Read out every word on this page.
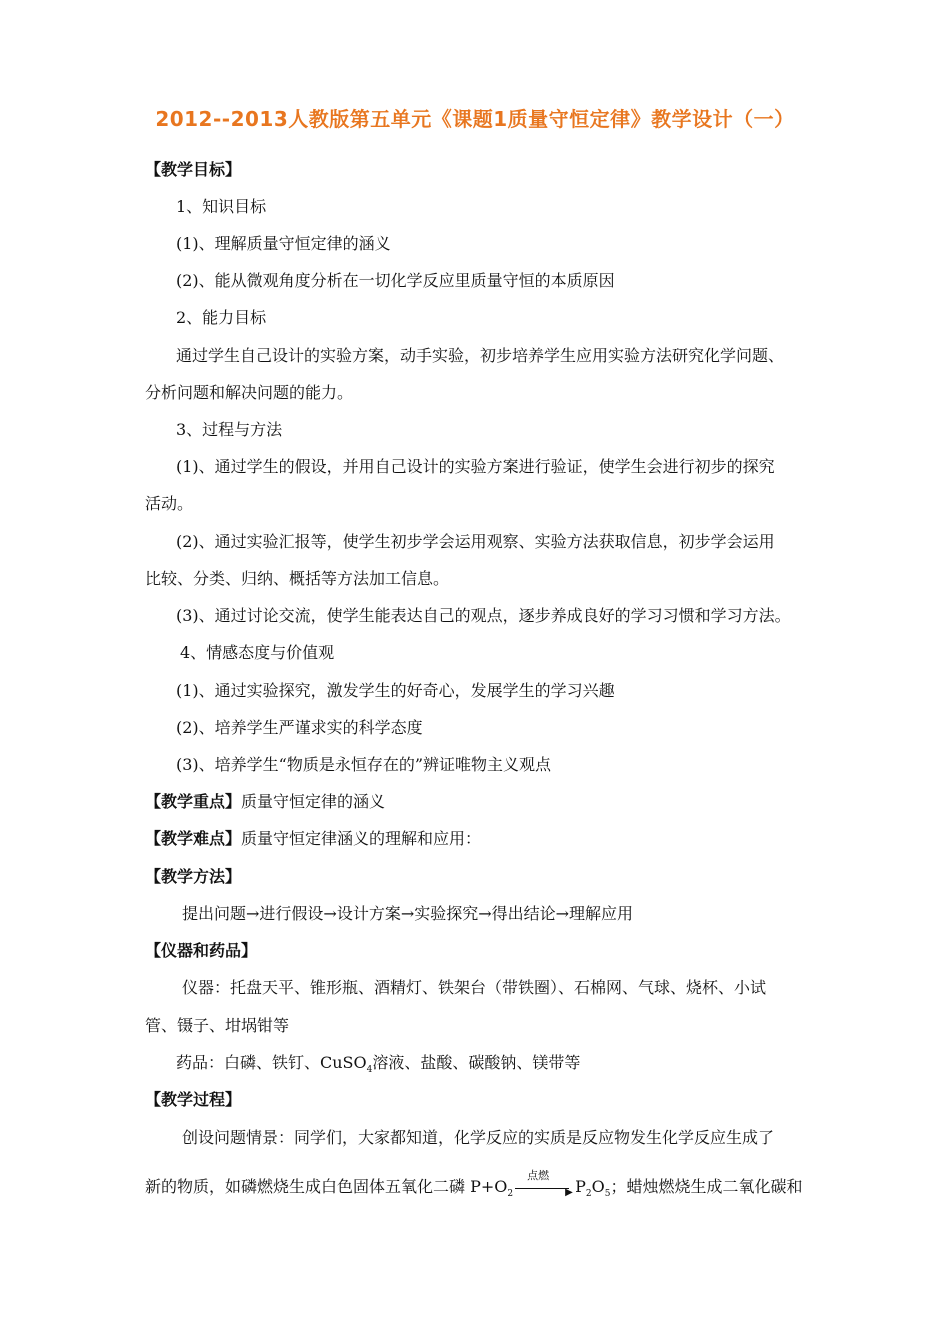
2012--2013人教版第五单元《课题1质量守恒定律》教学设计（一）
【教学目标】
1、知识目标
(1)、理解质量守恒定律的涵义
(2)、能从微观角度分析在一切化学反应里质量守恒的本质原因
2、能力目标
通过学生自己设计的实验方案，动手实验，初步培养学生应用实验方法研究化学问题、
分析问题和解决问题的能力。
3、过程与方法
(1)、通过学生的假设，并用自己设计的实验方案进行验证，使学生会进行初步的探究
活动。
(2)、通过实验汇报等，使学生初步学会运用观察、实验方法获取信息，初步学会运用
比较、分类、归纳、概括等方法加工信息。
(3)、通过讨论交流，使学生能表达自己的观点，逐步养成良好的学习习惯和学习方法。
4、情感态度与价值观
(1)、通过实验探究，激发学生的好奇心，发展学生的学习兴趣
(2)、培养学生严谨求实的科学态度
(3)、培养学生“物质是永恒存在的”辨证唯物主义观点
【教学重点】质量守恒定律的涵义
【教学难点】质量守恒定律涵义的理解和应用：
【教学方法】
提出问题→进行假设→设计方案→实验探究→得出结论→理解应用
【仪器和药品】
仪器：托盘天平、锥形瓶、酒精灯、铁架台（带铁圈）、石棉网、气球、烧杯、小试
管、镊子、坩埚钳等
药品：白磷、铁钉、CuSO$_4$溶液、盐酸、碳酸钠、镁带等
【教学过程】
创设问题情景：同学们，大家都知道，化学反应的实质是反应物发生化学反应生成了
新的物质，如磷燃烧生成白色固体五氧化二磷 $P+O_2$
点燃
▶ $P_2O_5$；蜡烛燃烧生成二氧化碳和
